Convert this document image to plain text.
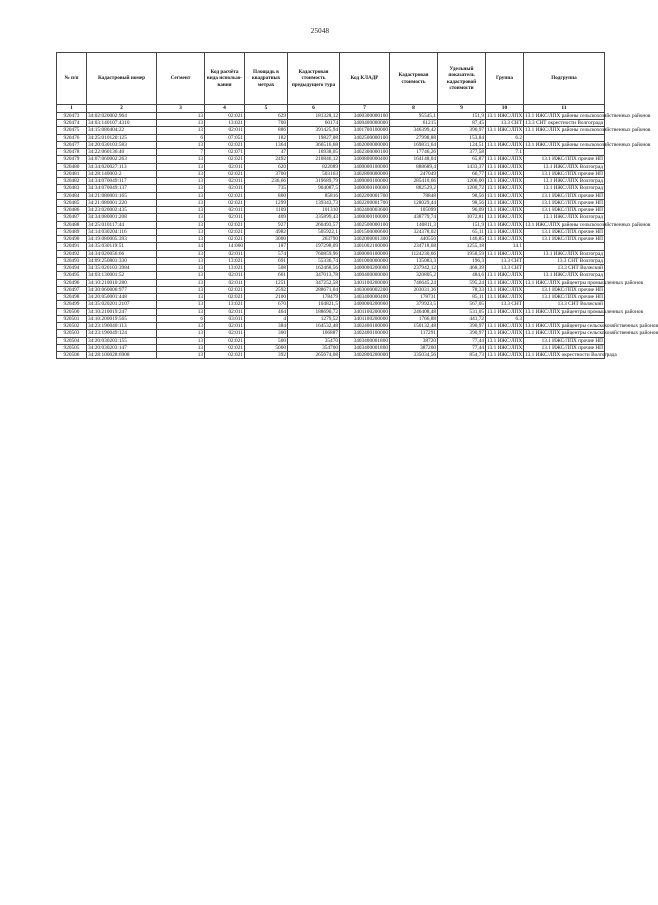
25048
№ п/п	Кадастровый номер	Сегмент	Код расчёта вида использо-вания	Площадь в квадратных метрах	Кадастровая стоимость предыдущего тура	Код КЛАДР	Кадастровая стоимость	Удельный показатель кадастровой стоимости	Группа	Подгруппа
1	2	3	4	5	6	7	8	9	10	11
920473	34:02:020002:964	13	02:021	629	181328,12	3400300000100	95545,1	151,9	13.1 ИЖС/ЛПХ	13.1 ИЖС/ЛПХ районы сельскохозяйственных районов
920474	34:03:140107:4310	13	13:021	700	60174	3400400000000	61215	87,45	13.3 СНТ	13.3 СНТ окрестности Волгограда
920475	34:15:080404:22	13	02:011	886	391425,94	3401700100000	346399,42	390,97	13.1 ИЖС/ЛПХ	13.1 ИЖС/ЛПХ районы сельскохозяйственных районов
920476	34:25:010120:125	6	07:051	182	19827,08	3402500000100	27998,88	153,84	6.2	
920477	34:20:030103:583	13	02:021	1364	366516,68	3402000000000	169831,64	124,51	13.1 ИЖС/ЛПХ	13.1 ИЖС/ЛПХ районы сельскохозяйственных районов
920478	34:22:060136:40	7	02:071	47	16938,05	3402300000100	17746,26	377,58	7.1	
920479	34:07:060002:263	13	02:021	2492	210846,12	3400800000400	164148,04	65,87	13.1 ИЖС/ЛПХ	13.1 ИЖС/ЛПХ прочие НП
920480	34:34:020027:113	13	02:011	620	822089	3400000100000	888689,4	1433,37	13.1 ИЖС/ЛПХ	13.1 ИЖС/ЛПХ Волгоград
920481	34:28:140003:2	13	02:021	3700	503163	3402800000000	247049	66,77	13.1 ИЖС/ЛПХ	13.1 ИЖС/ЛПХ прочие НП
920482	34:34:070049:117	13	02:011	236,66	319689,79	3400000100000	285410,66	1206,00	13.1 ИЖС/ЛПХ	13.1 ИЖС/ЛПХ Волгоград
920483	34:34:070049:137	13	02:011	735	904087,5	3400000100000	882529,2	1200,72	13.1 ИЖС/ЛПХ	13.1 ИЖС/ЛПХ Волгоград
920484	34:21:080001:165	13	02:021	800	85816	3402200001700	78848	98,56	13.1 ИЖС/ЛПХ	13.1 ИЖС/ЛПХ прочие НП
920485	34:21:080001:220	13	02:021	1299	139343,73	3402200001700	128029,44	98,56	13.1 ИЖС/ЛПХ	13.1 ИЖС/ЛПХ прочие НП
920486	34:23:020002:435	13	02:011	1109	101310	3402400003600	105099	96,09	13.1 ИЖС/ЛПХ	13.1 ИЖС/ЛПХ прочие НП
920487	34:34:080001:208	13	02:011	409	335899,43	3400000100000	438779,74	1072,81	13.1 ИЖС/ЛПХ	13.1 ИЖС/ЛПХ Волгоград
920488	34:25:010117:44	13	02:021	927	260493,57	3402500000100	140811,3	151,9	13.1 ИЖС/ЛПХ	13.1 ИЖС/ЛПХ районы сельскохозяйственных районов
920489	34:14:030204:116	13	02:021	4982	505922,1	3401500000600	324378,02	65,11	13.1 ИЖС/ЛПХ	13.1 ИЖС/ЛПХ прочие НП
920490	34:19:080005:393	13	02:021	3000	263790	3402000001300	440550	146,85	13.1 ИЖС/ЛПХ	13.1 ИЖС/ЛПХ прочие НП
920491	34:35:030119:51	14	14:000	187	197298,09	3401002100000	234718,68	1255,18	14.1	
920492	34:34:020056:66	13	02:011	574	760859,96	3400000100000	1124230,66	1958,59	13.1 ИЖС/ЛПХ	13.1 ИЖС/ЛПХ Волгоград
920493	34:09:250801:330	13	13:021	691	55336,74	3401000000000	135083,3	196,3	13.3 СНТ	13.3 СНТ Волгоград
920494	34:35:020103:3984	13	13:021	508	162468,56	3400000200000	237942,12	468,39	13.3 СНТ	13.3 СНТ Волжский
920495	34:03:130001:52	13	02:011	661	347013,78	3400400000000	320805,2	484,6	13.1 ИЖС/ЛПХ	13.1 ИЖС/ЛПХ Волгоград
920496	34:10:210010:280	13	02:011	1251	347252,58	3401100200000	746645,24	595,24	13.1 ИЖС/ЛПХ	13.1 ИЖС/ЛПХ райцентры промышленных районов
920497	34:30:060006:977	13	02:021	2592	288671,04	3403000002200	203031,36	78,33	13.1 ИЖС/ЛПХ	13.1 ИЖС/ЛПХ прочие НП
920498	34:20:050001:448	13	02:021	2100	178479	3403400000400	178731	85,11	13.1 ИЖС/ЛПХ	13.1 ИЖС/ЛПХ прочие НП
920499	34:35:020201:2107	13	13:021	670	104821,5	3400000200000	379923,5	567,05	13.3 СНТ	13.3 СНТ Волжский
920500	34:10:210019:247	13	02:011	464	188690,72	3401100200000	246408,48	531,05	13.1 ИЖС/ЛПХ	13.1 ИЖС/ЛПХ райцентры промышленных районов
920501	34:10:200019:565	6	03:011	4	1279,52	3401100200000	1766,88	441,72	6.3	
920502	34:23:190040:113	13	02:011	384	164532,48	3402400100000	150132,48	390,97	13.1 ИЖС/ЛПХ	13.1 ИЖС/ЛПХ райцентры сельскохозяйственных районов
920503	34:23:190049:124	13	02:011	300	106887	3402400100000	117291	390,97	13.1 ИЖС/ЛПХ	13.1 ИЖС/ЛПХ райцентры сельскохозяйственных районов
920504	34:20:030203:155	13	02:021	500	35470	3403400001800	38720	77,44	13.1 ИЖС/ЛПХ	13.1 ИЖС/ЛПХ прочие НП
920505	34:20:030203:147	13	02:021	5000	354700	3403400001800	387200	77,44	13.1 ИЖС/ЛПХ	13.1 ИЖС/ЛПХ прочие НП
920506	34:28:100028:6908	13	02:021	392	265674,08	3402800200000	335034,56	854,73	13.1 ИЖС/ЛПХ	13.1 ИЖС/ЛПХ окрестности Волгограда
